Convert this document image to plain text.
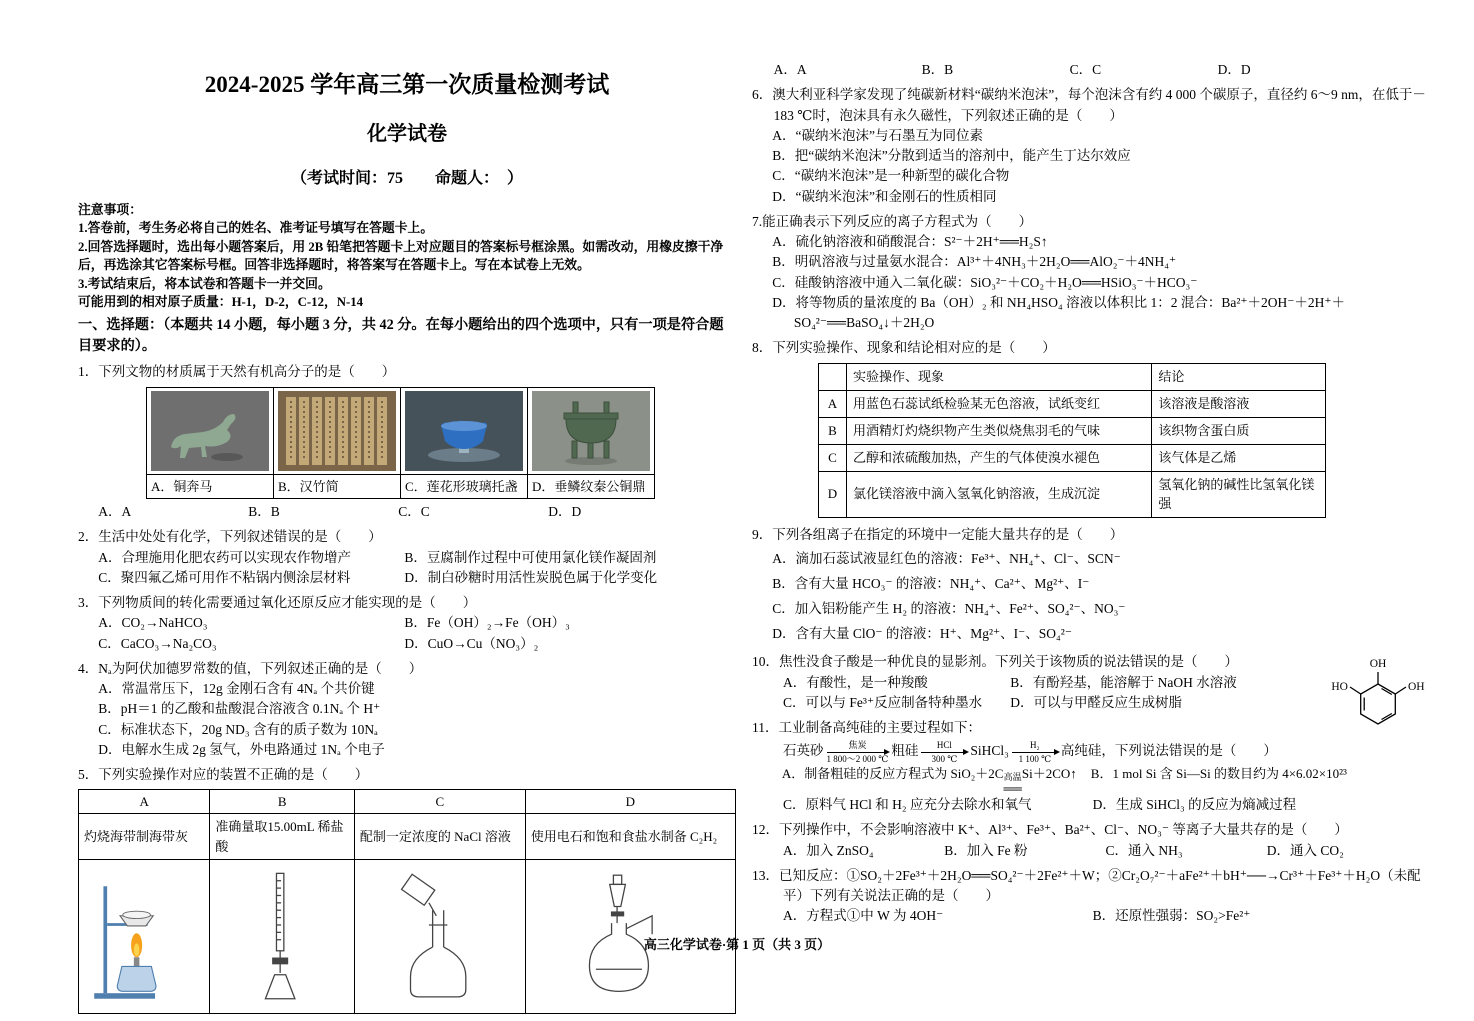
2024-2025 学年高三第一次质量检测考试
化学试卷
（考试时间：75　　命题人：　）
注意事项：
1.答卷前，考生务必将自己的姓名、准考证号填写在答题卡上。
2.回答选择题时，选出每小题答案后，用 2B 铅笔把答题卡上对应题目的答案标号框涂黑。如需改动，用橡皮擦干净后，再选涂其它答案标号框。回答非选择题时，将答案写在答题卡上。写在本试卷上无效。
3.考试结束后，将本试卷和答题卡一并交回。
可能用到的相对原子质量：H-1，D-2，C-12，N-14
一、选择题：（本题共 14 小题，每小题 3 分，共 42 分。在每小题给出的四个选项中，只有一项是符合题目要求的）。
1．下列文物的材质属于天然有机高分子的是（　　）

A．铜奔马	B．汉竹简	C．莲花形玻璃托盏	D．垂鳞纹秦公铜鼎
A．A	B．B	C．C	D．D
2．生活中处处有化学，下列叙述错误的是（　　）
A．合理施用化肥农药可以实现农作物增产	B．豆腐制作过程中可使用氯化镁作凝固剂
C．聚四氟乙烯可用作不粘锅内侧涂层材料	D．制白砂糖时用活性炭脱色属于化学变化
3．下列物质间的转化需要通过氧化还原反应才能实现的是（　　）
A．CO₂→NaHCO₃	B．Fe（OH）₂→Fe（OH）₃
C．CaCO₃→Na₂CO₃	D．CuO→Cu（NO₃）₂
4．Nₐ为阿伏加德罗常数的值，下列叙述正确的是（　　）
A．常温常压下，12g 金刚石含有 4Nₐ 个共价键
B．pH＝1 的乙酸和盐酸混合溶液含 0.1Nₐ 个 H⁺
C．标准状态下，20g ND₃ 含有的质子数为 10Nₐ
D．电解水生成 2g 氢气，外电路通过 1Nₐ 个电子
5．下列实验操作对应的装置不正确的是（　　）
A	B	C	D
灼烧海带制海带灰	准确量取15.00mL 稀盐酸	配制一定浓度的 NaCl 溶液	使用电石和饱和食盐水制备 C₂H₂

A．A	B．B	C．C	D．D
6．澳大利亚科学家发现了纯碳新材料“碳纳米泡沫”，每个泡沫含有约 4 000 个碳原子，直径约 6～9 nm，在低于－183 ℃时，泡沫具有永久磁性，下列叙述正确的是（　　）
A．“碳纳米泡沫”与石墨互为同位素
B．把“碳纳米泡沫”分散到适当的溶剂中，能产生丁达尔效应
C．“碳纳米泡沫”是一种新型的碳化合物
D．“碳纳米泡沫”和金刚石的性质相同
7.能正确表示下列反应的离子方程式为（　　）
A．硫化钠溶液和硝酸混合：S²⁻＋2H⁺══H₂S↑
B．明矾溶液与过量氨水混合：Al³⁺＋4NH₃＋2H₂O══AlO₂⁻＋4NH₄⁺
C．硅酸钠溶液中通入二氧化碳：SiO₃²⁻＋CO₂＋H₂O══HSiO₃⁻＋HCO₃⁻
D．将等物质的量浓度的 Ba（OH）₂ 和 NH₄HSO₄ 溶液以体积比 1：2 混合：Ba²⁺＋2OH⁻＋2H⁺＋SO₄²⁻══BaSO₄↓＋2H₂O
8．下列实验操作、现象和结论相对应的是（　　）
	实验操作、现象	结论
A	用蓝色石蕊试纸检验某无色溶液，试纸变红	该溶液是酸溶液
B	用酒精灯灼烧织物产生类似烧焦羽毛的气味	该织物含蛋白质
C	乙醇和浓硫酸加热，产生的气体使溴水褪色	该气体是乙烯
D	氯化镁溶液中滴入氢氧化钠溶液，生成沉淀	氢氧化钠的碱性比氢氧化镁强
9．下列各组离子在指定的环境中一定能大量共存的是（　　）
A．滴加石蕊试液显红色的溶液：Fe³⁺、NH₄⁺、Cl⁻、SCN⁻
B．含有大量 HCO₃⁻ 的溶液：NH₄⁺、Ca²⁺、Mg²⁺、I⁻
C．加入铝粉能产生 H₂ 的溶液：NH₄⁺、Fe²⁺、SO₄²⁻、NO₃⁻
D．含有大量 ClO⁻ 的溶液：H⁺、Mg²⁺、I⁻、SO₄²⁻
10．焦性没食子酸是一种优良的显影剂。下列关于该物质的说法错误的是（　　）
A．有酸性，是一种羧酸	B．有酚羟基，能溶解于 NaOH 水溶液
C．可以与 Fe³⁺反应制备特种墨水	D．可以与甲醛反应生成树脂
OH
OH
HO
11．工业制备高纯硅的主要过程如下：
石英砂	焦炭
1 800～2 000 ℃
粗硅	HCl
300 ℃
SiHCl₃ $\frac{\text{H₂}}{1 100 ℃}$ 高纯硅，下列说法错误的是（　　）
A．制备粗硅的反应方程式为 SiO₂＋2C 高温
══
Si＋2CO↑ B．1 mol Si 含 Si—Si 的数目约为 4×6.02×10²³
C．原料气 HCl 和 H₂ 应充分去除水和氧气	D．生成 SiHCl₃ 的反应为熵减过程
12．下列操作中，不会影响溶液中 K⁺、Al³⁺、Fe³⁺、Ba²⁺、Cl⁻、NO₃⁻ 等离子大量共存的是（　　）
A．加入 ZnSO₄	B．加入 Fe 粉	C．通入 NH₃	D．通入 CO₂
13．已知反应：①SO₂＋2Fe³⁺＋2H₂O══SO₄²⁻＋2Fe²⁺＋W；②Cr₂O₇²⁻＋aFe²⁺＋bH⁺──→Cr³⁺＋Fe³⁺＋H₂O（未配平）下列有关说法正确的是（　　）
A．方程式①中 W 为 4OH⁻	B．还原性强弱：SO₂>Fe²⁺
高三化学试卷·第 1 页（共 3 页）
